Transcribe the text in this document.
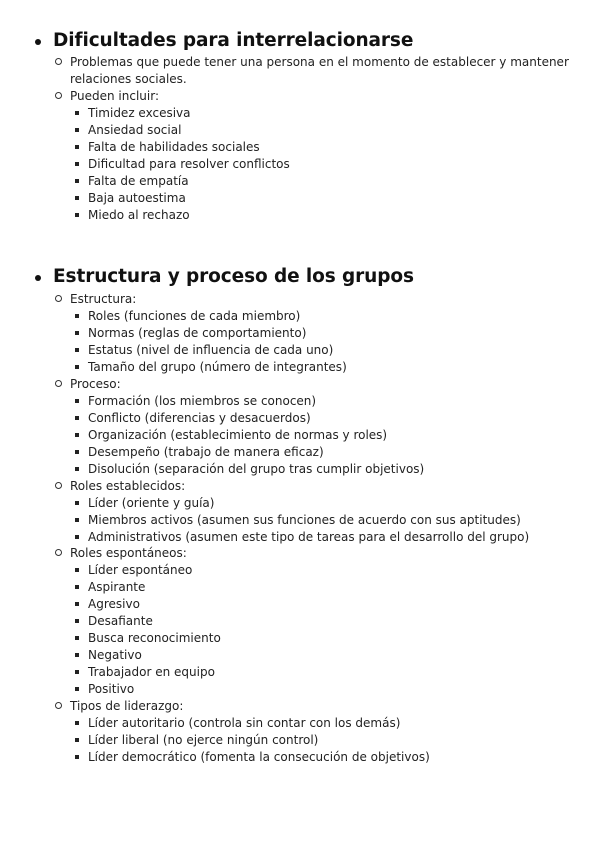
Dificultades para interrelacionarse
Problemas que puede tener una persona en el momento de establecer y mantener
relaciones sociales.
Pueden incluir:
Timidez excesiva
Ansiedad social
Falta de habilidades sociales
Dificultad para resolver conflictos
Falta de empatía
Baja autoestima
Miedo al rechazo
Estructura y proceso de los grupos
Estructura:
Roles (funciones de cada miembro)
Normas (reglas de comportamiento)
Estatus (nivel de influencia de cada uno)
Tamaño del grupo (número de integrantes)
Proceso:
Formación (los miembros se conocen)
Conflicto (diferencias y desacuerdos)
Organización (establecimiento de normas y roles)
Desempeño (trabajo de manera eficaz)
Disolución (separación del grupo tras cumplir objetivos)
Roles establecidos:
Líder (oriente y guía)
Miembros activos (asumen sus funciones de acuerdo con sus aptitudes)
Administrativos (asumen este tipo de tareas para el desarrollo del grupo)
Roles espontáneos:
Líder espontáneo
Aspirante
Agresivo
Desafiante
Busca reconocimiento
Negativo
Trabajador en equipo
Positivo
Tipos de liderazgo:
Líder autoritario (controla sin contar con los demás)
Líder liberal (no ejerce ningún control)
Líder democrático (fomenta la consecución de objetivos)
